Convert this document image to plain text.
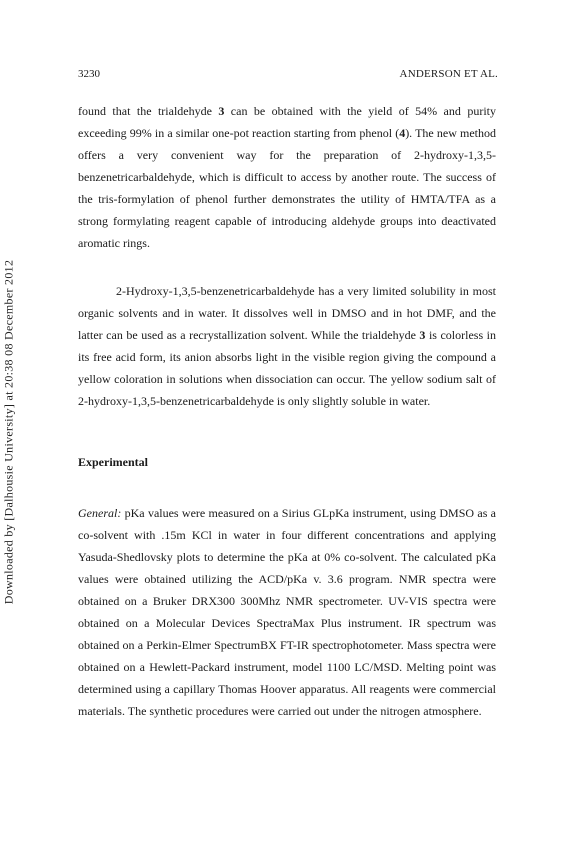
3230	ANDERSON ET AL.
Downloaded by [Dalhousie University] at 20:38 08 December 2012

found that the trialdehyde 3 can be obtained with the yield of 54% and purity exceeding 99% in a similar one-pot reaction starting from phenol (4). The new method offers a very convenient way for the preparation of 2-hydroxy-1,3,5-benzenetricarbaldehyde, which is difficult to access by another route. The success of the tris-formylation of phenol further demonstrates the utility of HMTA/TFA as a strong formylating reagent capable of introducing aldehyde groups into deactivated aromatic rings.

2-Hydroxy-1,3,5-benzenetricarbaldehyde has a very limited solubility in most organic solvents and in water. It dissolves well in DMSO and in hot DMF, and the latter can be used as a recrystallization solvent. While the trialdehyde 3 is colorless in its free acid form, its anion absorbs light in the visible region giving the compound a yellow coloration in solutions when dissociation can occur. The yellow sodium salt of 2-hydroxy-1,3,5-benzenetricarbaldehyde is only slightly soluble in water.

Experimental

General: pKa values were measured on a Sirius GLpKa instrument, using DMSO as a co-solvent with .15m KCl in water in four different concentrations and applying Yasuda-Shedlovsky plots to determine the pKa at 0% co-solvent. The calculated pKa values were obtained utilizing the ACD/pKa v. 3.6 program. NMR spectra were obtained on a Bruker DRX300 300Mhz NMR spectrometer. UV-VIS spectra were obtained on a Molecular Devices SpectraMax Plus instrument. IR spectrum was obtained on a Perkin-Elmer SpectrumBX FT-IR spectrophotometer. Mass spectra were obtained on a Hewlett-Packard instrument, model 1100 LC/MSD. Melting point was determined using a capillary Thomas Hoover apparatus. All reagents were commercial materials. The synthetic procedures were carried out under the nitrogen atmosphere.
